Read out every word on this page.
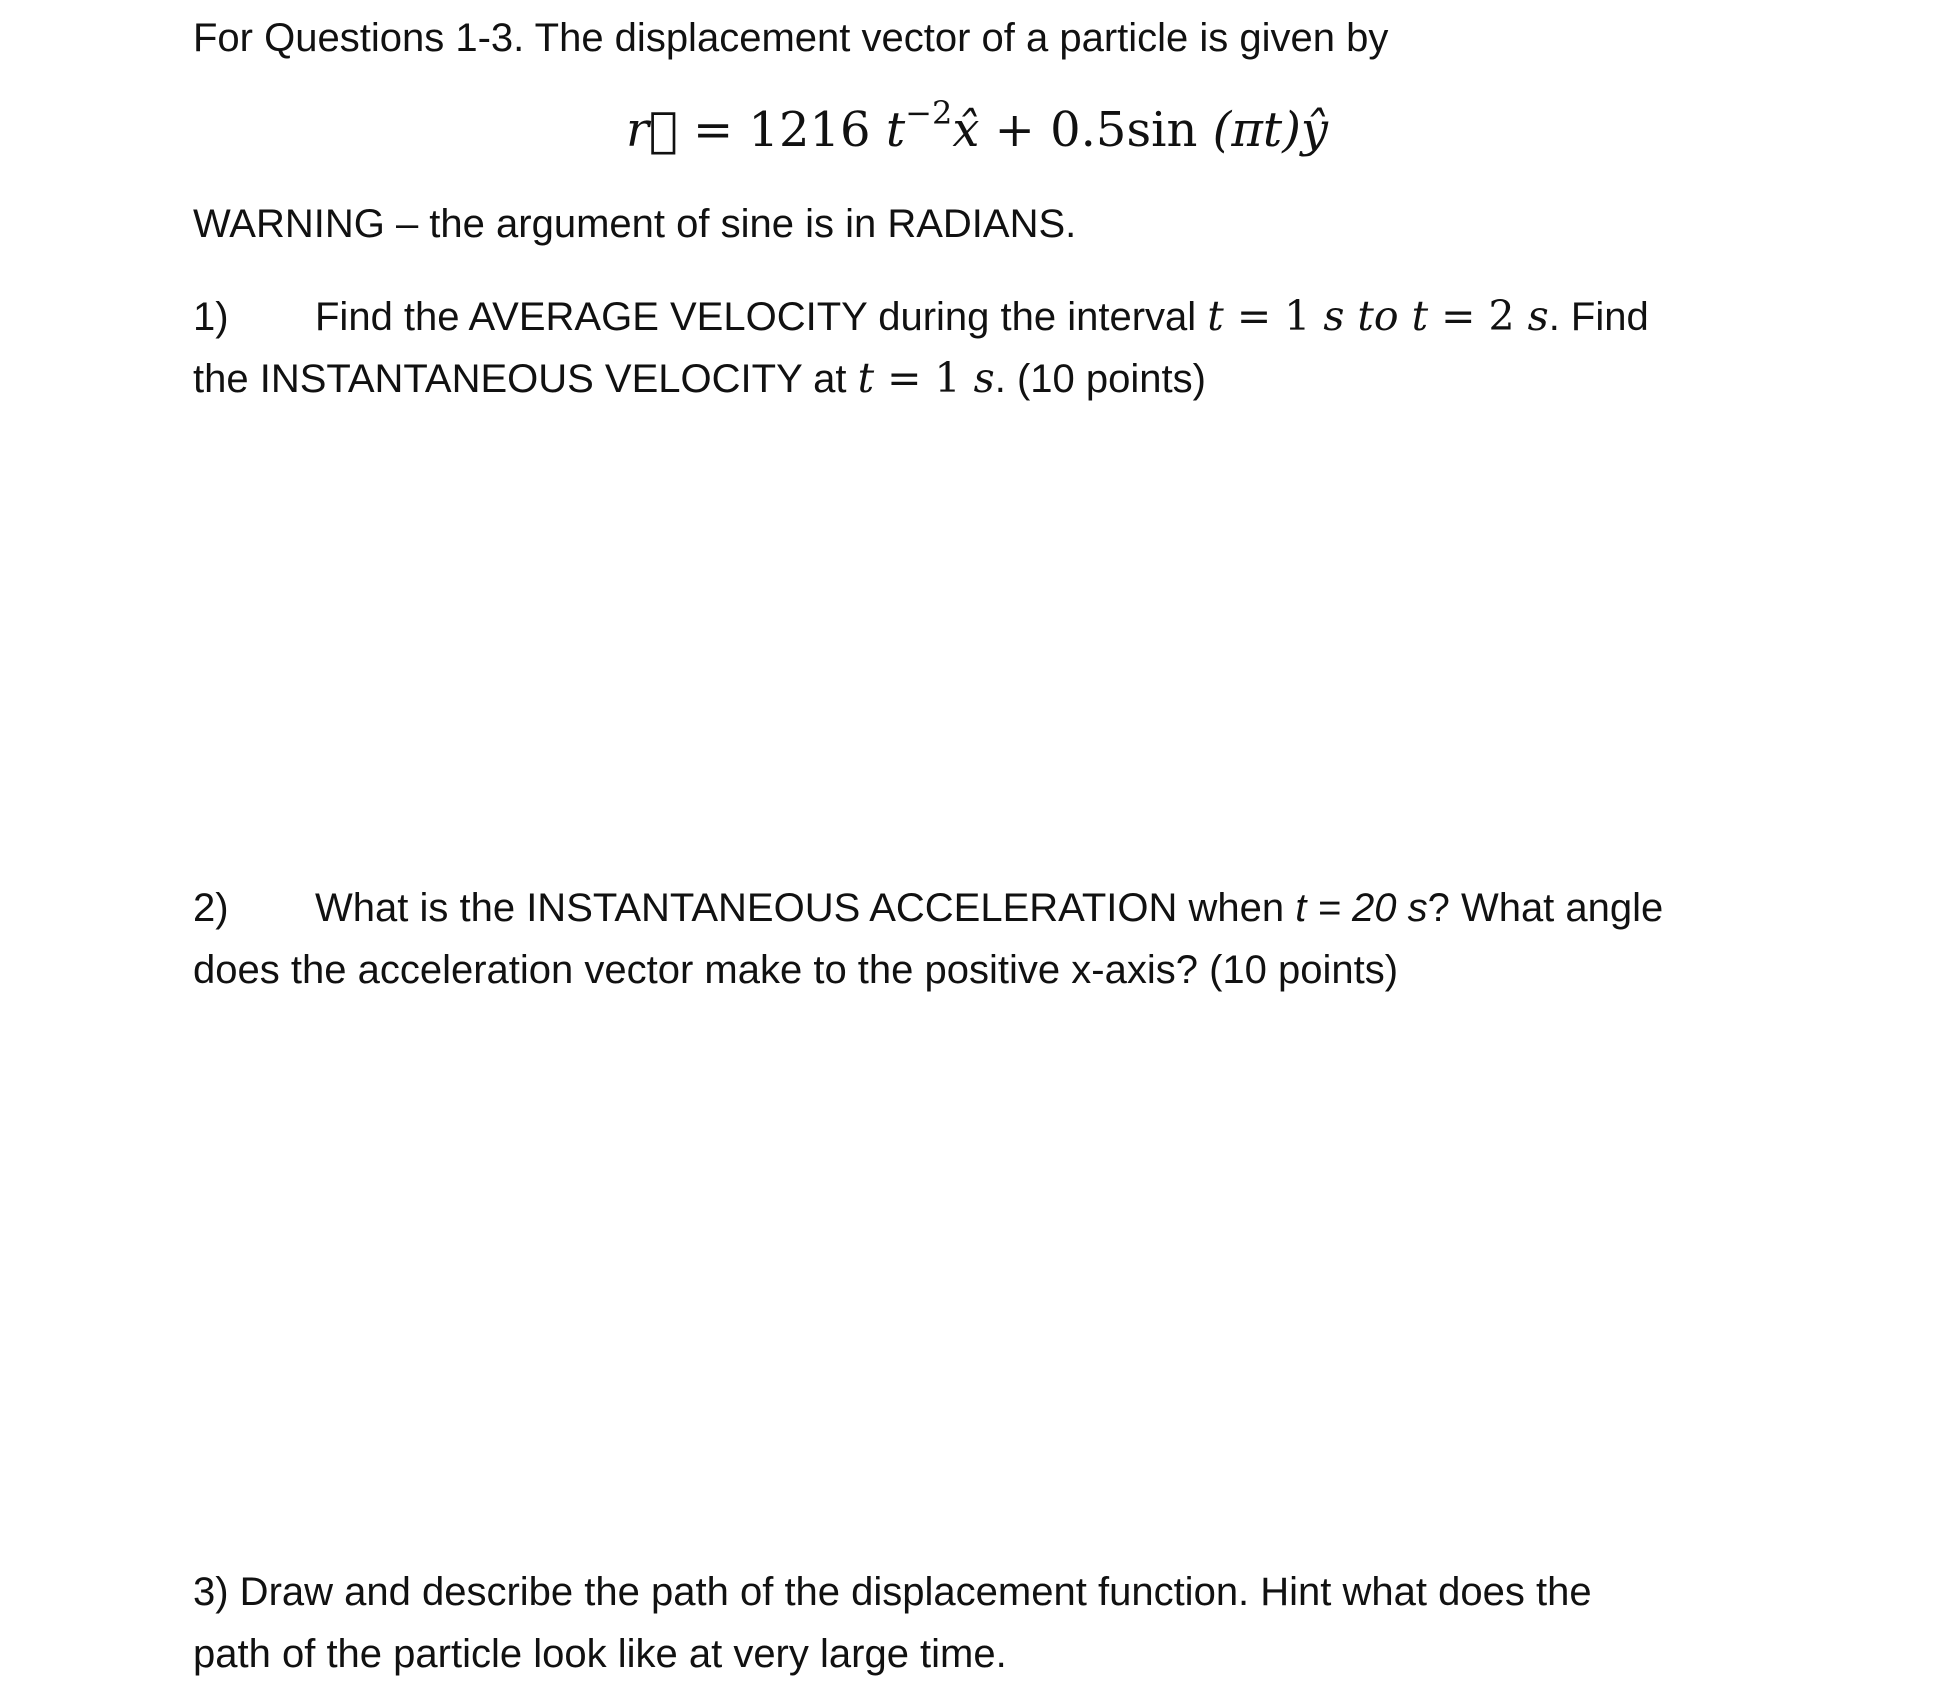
For Questions 1-3. The displacement vector of a particle is given by
r⃗ = 1216 $t^{-2}x̂ + 0.5\sin$ (πt)ŷ
WARNING – the argument of sine is in RADIANS.
1) Find the AVERAGE VELOCITY during the interval t = 1 s to t = 2 s. Find
the INSTANTANEOUS VELOCITY at t = 1 s. (10 points)
2) What is the INSTANTANEOUS ACCELERATION when t = 20 s? What angle
does the acceleration vector make to the positive x-axis? (10 points)
3) Draw and describe the path of the displacement function. Hint what does the
path of the particle look like at very large time.
